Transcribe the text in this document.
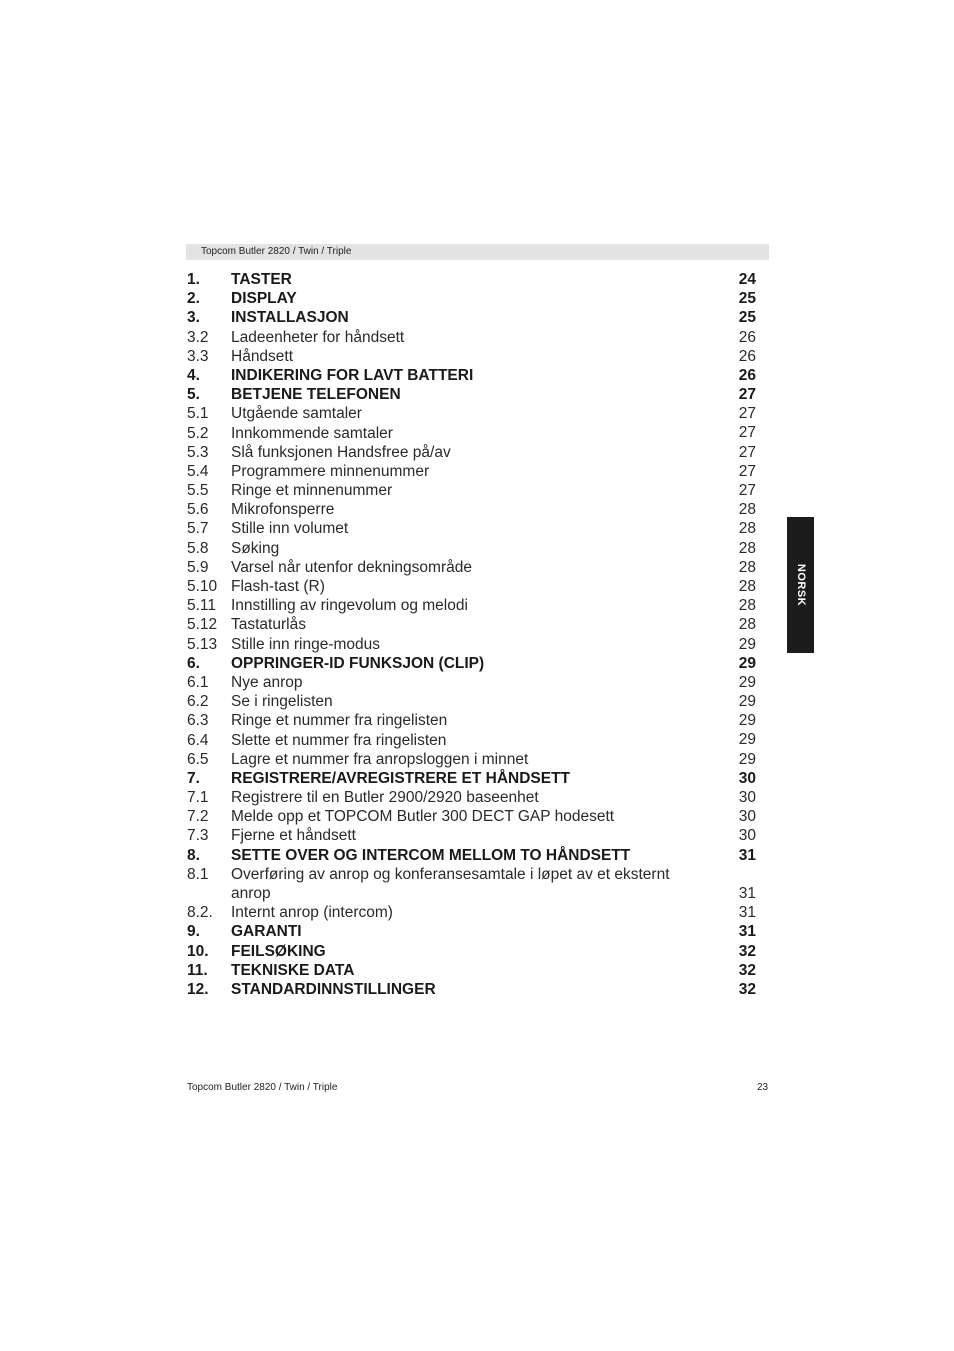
Topcom Butler 2820 / Twin / Triple
1. TASTER	24
2. DISPLAY	25
3. INSTALLASJON	25
3.2 Ladeenheter for håndsett	26
3.3 Håndsett	26
4. INDIKERING FOR LAVT BATTERI	26
5. BETJENE TELEFONEN	27
5.1 Utgående samtaler	27
5.2 Innkommende samtaler	27
5.3 Slå funksjonen Handsfree på/av	27
5.4 Programmere minnenummer	27
5.5 Ringe et minnenummer	27
5.6 Mikrofonsperre	28
5.7 Stille inn volumet	28
5.8 Søking	28
5.9 Varsel når utenfor dekningsområde	28
5.10 Flash-tast (R)	28
5.11 Innstilling av ringevolum og melodi	28
5.12 Tastaturlås	28
5.13 Stille inn ringe-modus	29
6. OPPRINGER-ID FUNKSJON (CLIP)	29
6.1 Nye anrop	29
6.2 Se i ringelisten	29
6.3 Ringe et nummer fra ringelisten	29
6.4 Slette et nummer fra ringelisten	29
6.5 Lagre et nummer fra anropsloggen i minnet	29
7. REGISTRERE/AVREGISTRERE ET HÅNDSETT	30
7.1 Registrere til en Butler 2900/2920 baseenhet	30
7.2 Melde opp et TOPCOM Butler 300 DECT GAP hodesett	30
7.3 Fjerne et håndsett	30
8. SETTE OVER OG INTERCOM MELLOM TO HÅNDSETT	31
8.1 Overføring av anrop og konferansesamtale i løpet av et eksternt anrop	31
8.2. Internt anrop (intercom)	31
9. GARANTI	31
10. FEILSØKING	32
11. TEKNISKE DATA	32
12. STANDARDINNSTILLINGER	32
NORSK
Topcom Butler 2820 / Twin / Triple	23
